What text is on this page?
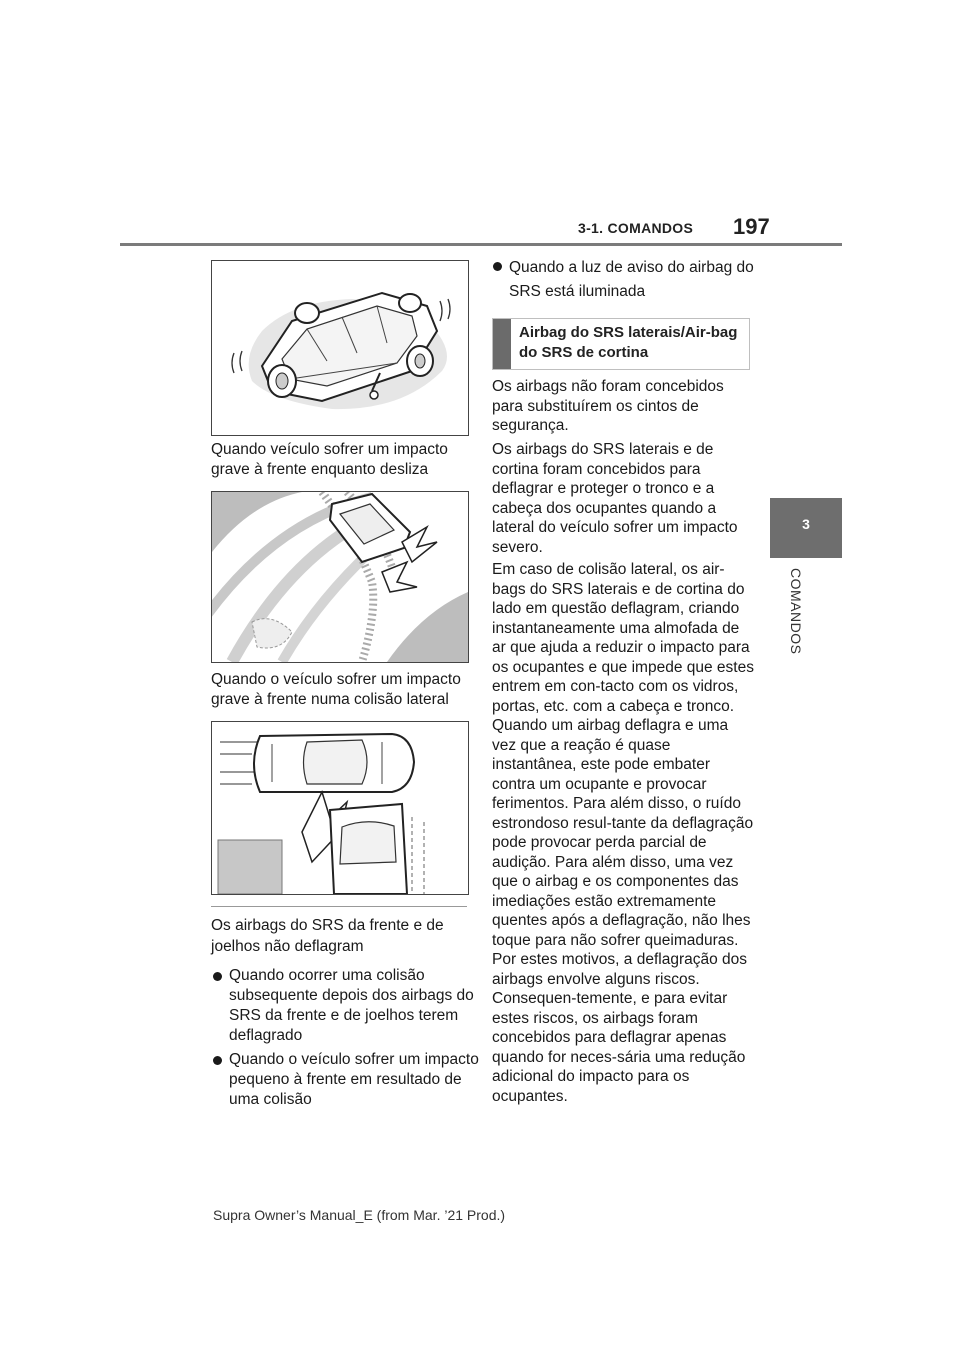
3-1. COMANDOS 197
3
COMANDOS
Quando veículo sofrer um impacto grave à frente enquanto desliza
Quando o veículo sofrer um impacto grave à frente numa colisão lateral
Os airbags do SRS da frente e de joelhos não deflagram
Quando ocorrer uma colisão subsequente depois dos airbags do SRS da frente e de joelhos terem deflagrado
Quando o veículo sofrer um impacto pequeno à frente em resultado de uma colisão
Quando a luz de aviso do airbag do SRS está iluminada
Airbag do SRS laterais/Air-bag do SRS de cortina

Os airbags não foram concebidos para substituírem os cintos de segurança.

Os airbags do SRS laterais e de cortina foram concebidos para deflagrar e proteger o tronco e a cabeça dos ocupantes quando a lateral do veículo sofrer um impacto severo.

Em caso de colisão lateral, os air-bags do SRS laterais e de cortina do lado em questão deflagram, criando instantaneamente uma almofada de ar que ajuda a reduzir o impacto para os ocupantes e que impede que estes entrem em con-tacto com os vidros, portas, etc. com a cabeça e tronco. Quando um airbag deflagra e uma vez que a reação é quase instantânea, este pode embater contra um ocupante e provocar ferimentos. Para além disso, o ruído estrondoso resul-tante da deflagração pode provocar perda parcial de audição. Para além disso, uma vez que o airbag e os componentes das imediações estão extremamente quentes após a deflagração, não lhes toque para não sofrer queimaduras. Por estes motivos, a deflagração dos airbags envolve alguns riscos. Consequen-temente, e para evitar estes riscos, os airbags foram concebidos para deflagrar apenas quando for neces-sária uma redução adicional do impacto para os ocupantes.

Supra Owner’s Manual_E (from Mar. ’21 Prod.)
